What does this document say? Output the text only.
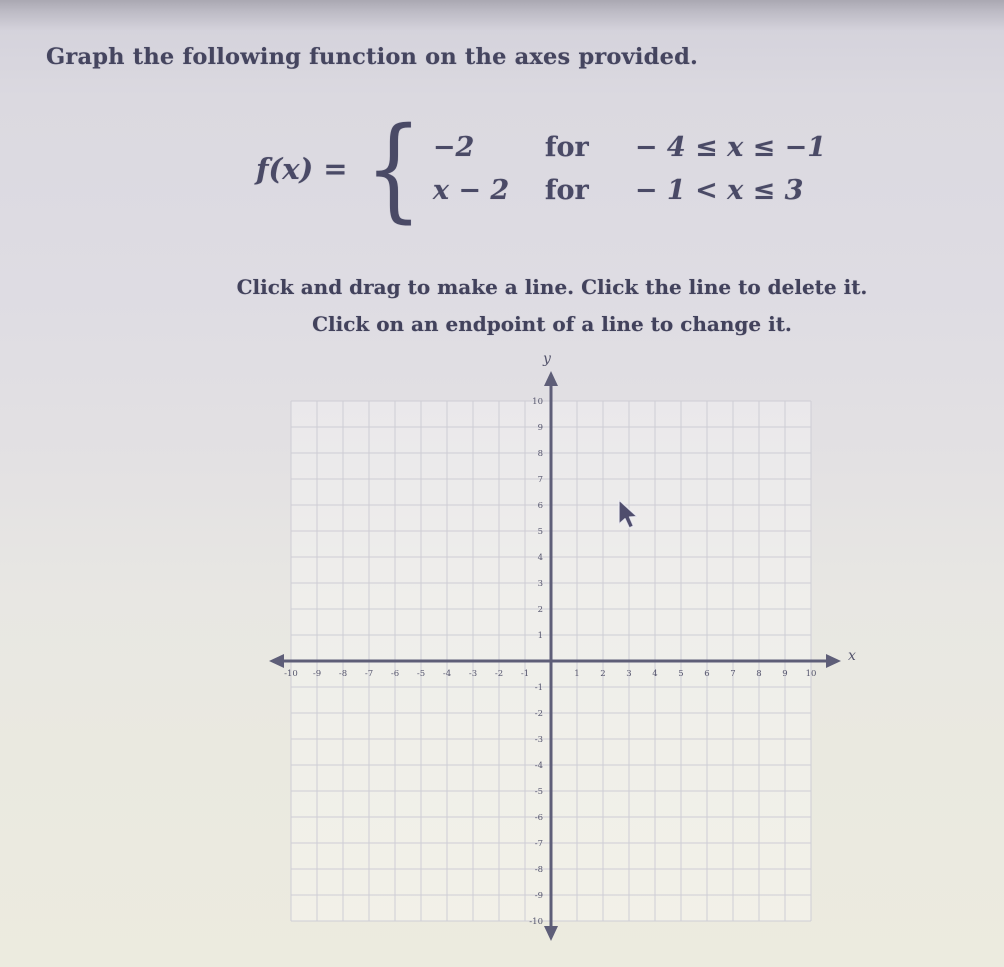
Graph the following function on the axes provided.
f(x) = { −2	for	− 4 ≤ x ≤ −1
x − 2	for	− 1 < x ≤ 3
Click and drag to make a line. Click the line to delete it.
Click on an endpoint of a line to change it.
-10 -9 -8 -7 -6 -5 -4 -3 -2 -1	1 2 3 4 5 6 7 8 9 10
-10
-9
-8
-7
-6
-5
-4
-3
-2
-1
1
2
3
4
5
6
7
8
9
10
x
y
